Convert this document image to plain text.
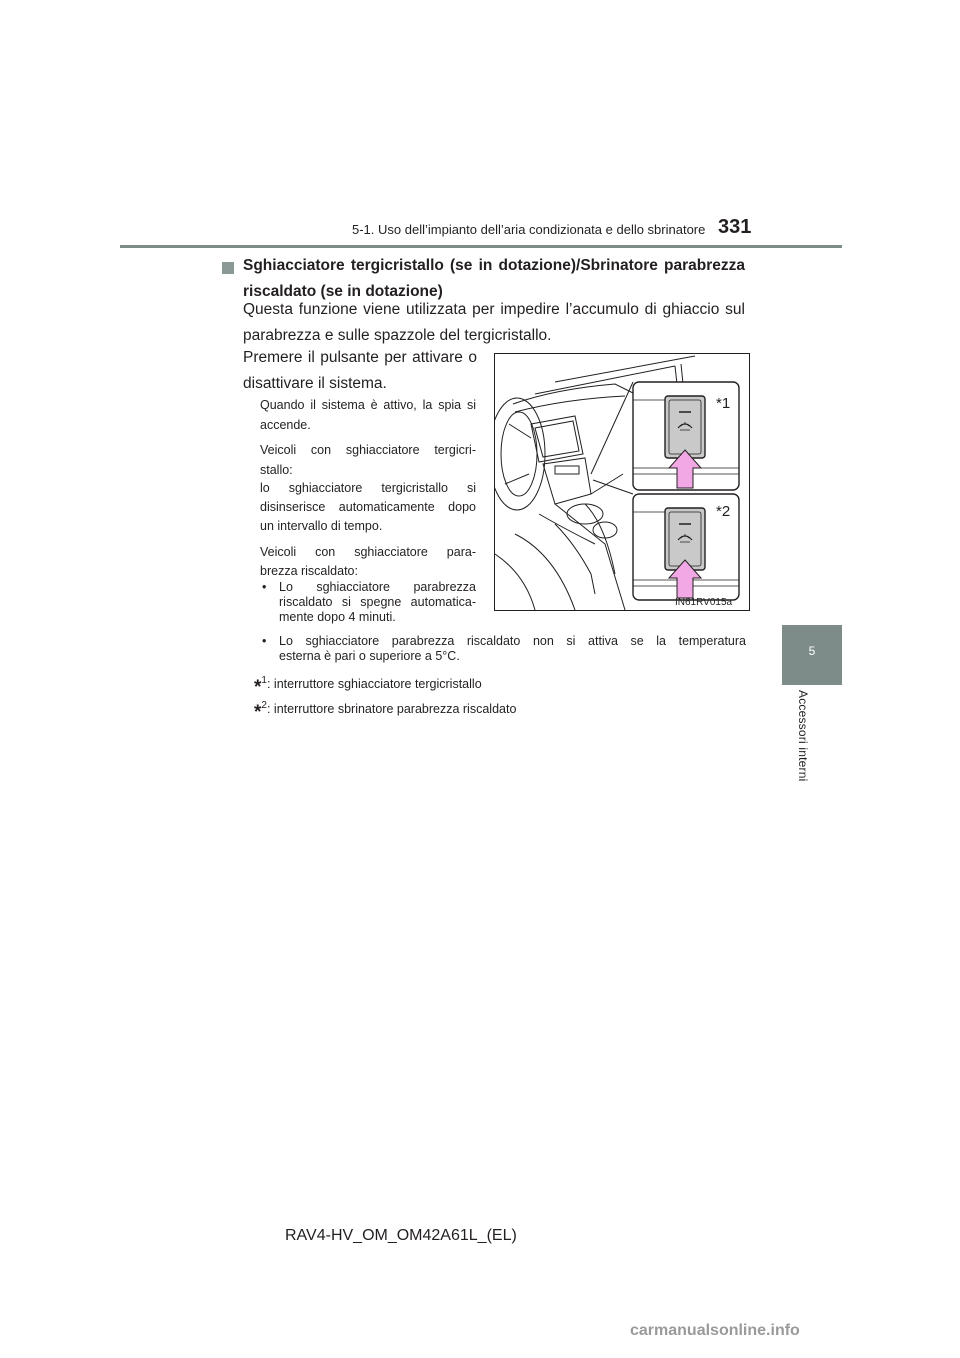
5-1. Uso dell’impianto dell’aria condizionata e dello sbrinatore 331
5
Accessori interni
Sghiacciatore tergicristallo (se in dotazione)/Sbrinatore parabrezza riscaldato (se in dotazione)
Questa funzione viene utilizzata per impedire l’accumulo di ghiaccio sul parabrezza e sulle spazzole del tergicristallo.
Premere il pulsante per attivare o
disattivare il sistema.
Quando il sistema è attivo, la spia si
accende.
Veicoli con sghiacciatore tergicri-
stallo:
lo sghiacciatore tergicristallo si
disinserisce automaticamente dopo
un intervallo di tempo.
Veicoli con sghiacciatore para-
brezza riscaldato:
• Lo sghiacciatore parabrezza
riscaldato si spegne automatica-
mente dopo 4 minuti.
• Lo sghiacciatore parabrezza riscaldato non si attiva se la temperatura
esterna è pari o superiore a 5°C.
*$^1$: interruttore sghiacciatore tergicristallo
*$^2$: interruttore sbrinatore parabrezza riscaldato
*1
*2
IN61RV015a
RAV4-HV_OM_OM42A61L_(EL)
carmanualsonline.info
